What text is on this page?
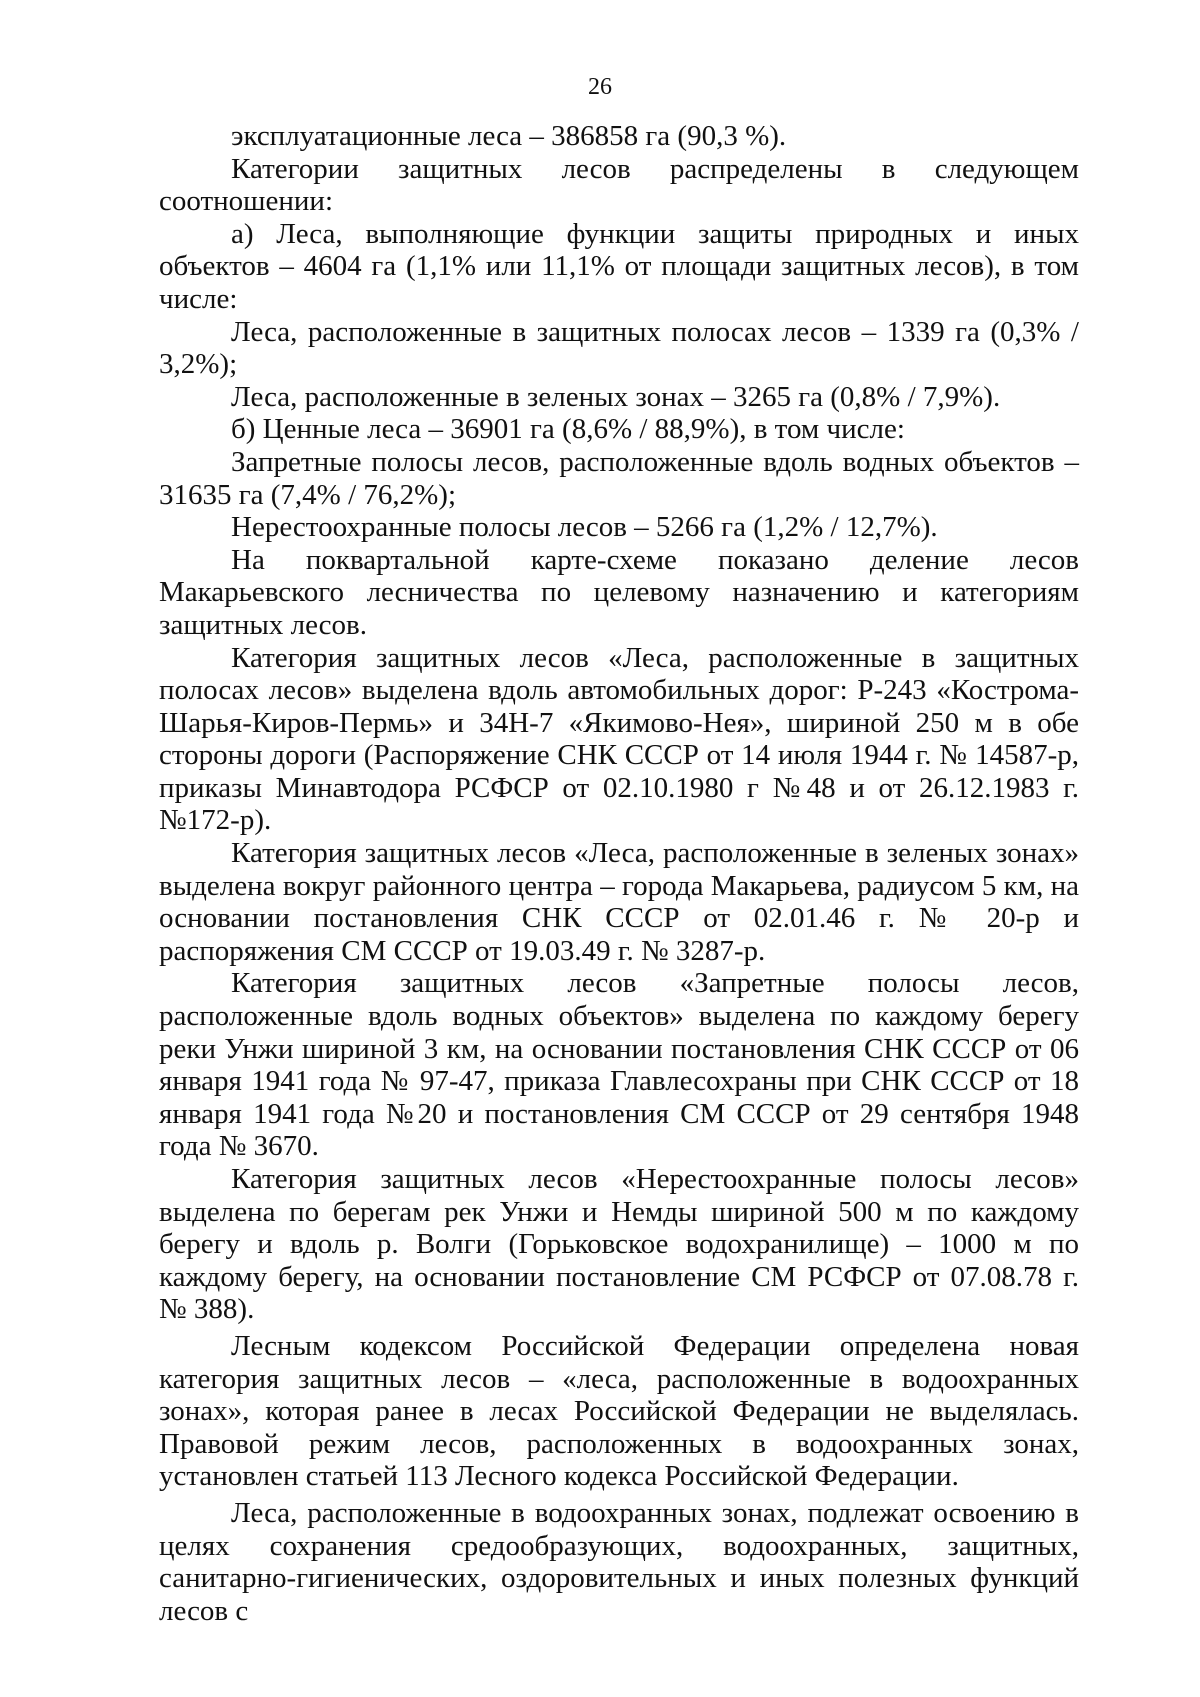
26

эксплуатационные леса – 386858 га (90,3 %).

Категории защитных лесов распределены в следующем соотношении:

а) Леса, выполняющие функции защиты природных и иных объектов – 4604 га (1,1% или 11,1% от площади защитных лесов), в том числе:

Леса, расположенные в защитных полосах лесов – 1339 га (0,3% / 3,2%);

Леса, расположенные в зеленых зонах – 3265 га (0,8% / 7,9%).

б) Ценные леса – 36901 га (8,6% / 88,9%), в том числе:

Запретные полосы лесов, расположенные вдоль водных объектов – 31635 га (7,4% / 76,2%);

Нерестоохранные полосы лесов – 5266 га (1,2% / 12,7%).

На поквартальной карте-схеме показано деление лесов Макарьевского лесничества по целевому назначению и категориям защитных лесов.

Категория защитных лесов «Леса, расположенные в защитных полосах лесов» выделена вдоль автомобильных дорог: Р-243 «Кострома-Шарья-Киров-Пермь» и 34Н-7 «Якимово-Нея», шириной 250 м в обе стороны дороги (Распоряжение СНК СССР от 14 июля 1944 г. № 14587-р, приказы Минавтодора РСФСР от 02.10.1980 г №48 и от 26.12.1983 г. №172-р).

Категория защитных лесов «Леса, расположенные в зеленых зонах» выделена вокруг районного центра – города Макарьева, радиусом 5 км, на основании постановления СНК СССР от 02.01.46 г. № 20-р и распоряжения СМ СССР от 19.03.49 г. № 3287-р.

Категория защитных лесов «Запретные полосы лесов, расположенные вдоль водных объектов» выделена по каждому берегу реки Унжи шириной 3 км, на основании постановления СНК СССР от 06 января 1941 года № 97-47, приказа Главлесохраны при СНК СССР от 18 января 1941 года №20 и постановления СМ СССР от 29 сентября 1948 года № 3670.

Категория защитных лесов «Нерестоохранные полосы лесов» выделена по берегам рек Унжи и Немды шириной 500 м по каждому берегу и вдоль р. Волги (Горьковское водохранилище) – 1000 м по каждому берегу, на основании постановление СМ РСФСР от 07.08.78 г. № 388).

Лесным кодексом Российской Федерации определена новая категория защитных лесов – «леса, расположенные в водоохранных зонах», которая ранее в лесах Российской Федерации не выделялась. Правовой режим лесов, расположенных в водоохранных зонах, установлен статьей 113 Лесного кодекса Российской Федерации.

Леса, расположенные в водоохранных зонах, подлежат освоению в целях сохранения средообразующих, водоохранных, защитных, санитарно-гигиенических, оздоровительных и иных полезных функций лесов с
